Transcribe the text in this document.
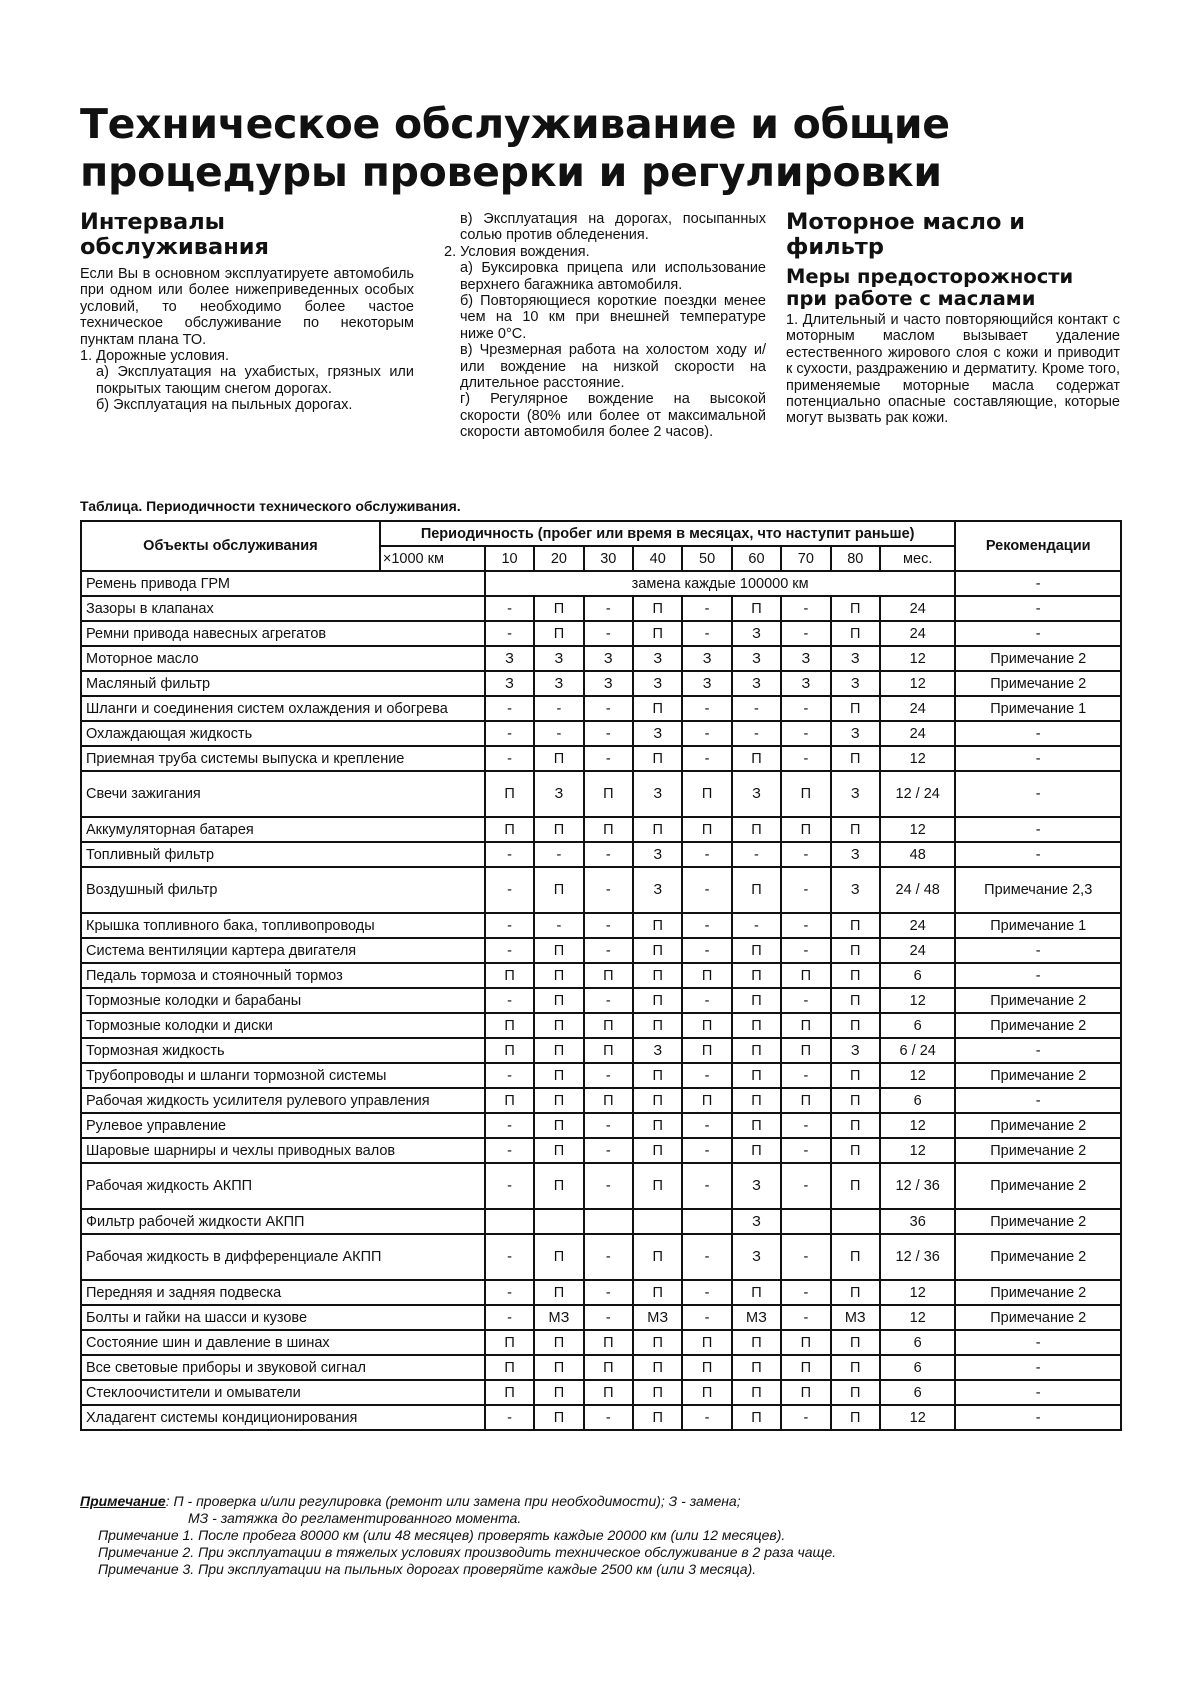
Техническое обслуживание и общие процедуры проверки и регулировки
Интервалы обслуживания

Если Вы в основном эксплуатируете автомобиль при одном или более нижеприведенных особых условий, то необходимо более частое техническое обслуживание по некоторым пунктам плана ТО.

1. Дорожные условия.

а) Эксплуатация на ухабистых, грязных или покрытых тающим снегом дорогах.

б) Эксплуатация на пыльных дорогах.

в) Эксплуатация на дорогах, посыпанных солью против обледенения.

2. Условия вождения.

а) Буксировка прицепа или использование верхнего багажника автомобиля.

б) Повторяющиеся короткие поездки менее чем на 10 км при внешней температуре ниже 0°С.

в) Чрезмерная работа на холостом ходу и/или вождение на низкой скорости на длительное расстояние.

г) Регулярное вождение на высокой скорости (80% или более от максимальной скорости автомобиля более 2 часов).

Моторное масло и фильтр
Меры предосторожности при работе с маслами

1. Длительный и часто повторяющийся контакт с моторным маслом вызывает удаление естественного жирового слоя с кожи и приводит к сухости, раздражению и дерматиту. Кроме того, применяемые моторные масла содержат потенциально опасные составляющие, которые могут вызвать рак кожи.

Таблица. Периодичности технического обслуживания.
Объекты обслуживания	Периодичность (пробег или время в месяцах, что наступит раньше)										Рекомендации
	×1000 км	10	20	30	40	50	60	70	80	мес.	
Ремень привода ГРМ		замена каждые 100000 км									-
Зазоры в клапанах		-	П	-	П	-	П	-	П	24	-
Ремни привода навесных агрегатов		-	П	-	П	-	З	-	П	24	-
Моторное масло		З	З	З	З	З	З	З	З	12	Примечание 2
Масляный фильтр		З	З	З	З	З	З	З	З	12	Примечание 2
Шланги и соединения систем охлаждения и обогрева		-	-	-	П	-	-	-	П	24	Примечание 1
Охлаждающая жидкость		-	-	-	З	-	-	-	З	24	-
Приемная труба системы выпуска и крепление		-	П	-	П	-	П	-	П	12	-
Свечи зажигания		П	З	П	З	П	З	П	З	12 / 24	-
Аккумуляторная батарея		П	П	П	П	П	П	П	П	12	-
Топливный фильтр		-	-	-	З	-	-	-	З	48	-
Воздушный фильтр		-	П	-	З	-	П	-	З	24 / 48	Примечание 2,3
Крышка топливного бака, топливопроводы		-	-	-	П	-	-	-	П	24	Примечание 1
Система вентиляции картера двигателя		-	П	-	П	-	П	-	П	24	-
Педаль тормоза и стояночный тормоз		П	П	П	П	П	П	П	П	6	-
Тормозные колодки и барабаны		-	П	-	П	-	П	-	П	12	Примечание 2
Тормозные колодки и диски		П	П	П	П	П	П	П	П	6	Примечание 2
Тормозная жидкость		П	П	П	З	П	П	П	З	6 / 24	-
Трубопроводы и шланги тормозной системы		-	П	-	П	-	П	-	П	12	Примечание 2
Рабочая жидкость усилителя рулевого управления		П	П	П	П	П	П	П	П	6	-
Рулевое управление		-	П	-	П	-	П	-	П	12	Примечание 2
Шаровые шарниры и чехлы приводных валов		-	П	-	П	-	П	-	П	12	Примечание 2
Рабочая жидкость АКПП		-	П	-	П	-	З	-	П	12 / 36	Примечание 2
Фильтр рабочей жидкости АКПП							З			36	Примечание 2
Рабочая жидкость в дифференциале АКПП		-	П	-	П	-	З	-	П	12 / 36	Примечание 2
Передняя и задняя подвеска		-	П	-	П	-	П	-	П	12	Примечание 2
Болты и гайки на шасси и кузове		-	МЗ	-	МЗ	-	МЗ	-	МЗ	12	Примечание 2
Состояние шин и давление в шинах		П	П	П	П	П	П	П	П	6	-
Все световые приборы и звуковой сигнал		П	П	П	П	П	П	П	П	6	-
Стеклоочистители и омыватели		П	П	П	П	П	П	П	П	6	-
Хладагент системы кондиционирования		-	П	-	П	-	П	-	П	12	-
Примечание: П - проверка и/или регулировка (ремонт или замена при необходимости); З - замена;
МЗ - затяжка до регламентированного момента.
Примечание 1. После пробега 80000 км (или 48 месяцев) проверять каждые 20000 км (или 12 месяцев).
Примечание 2. При эксплуатации в тяжелых условиях производить техническое обслуживание в 2 раза чаще.
Примечание 3. При эксплуатации на пыльных дорогах проверяйте каждые 2500 км (или 3 месяца).
